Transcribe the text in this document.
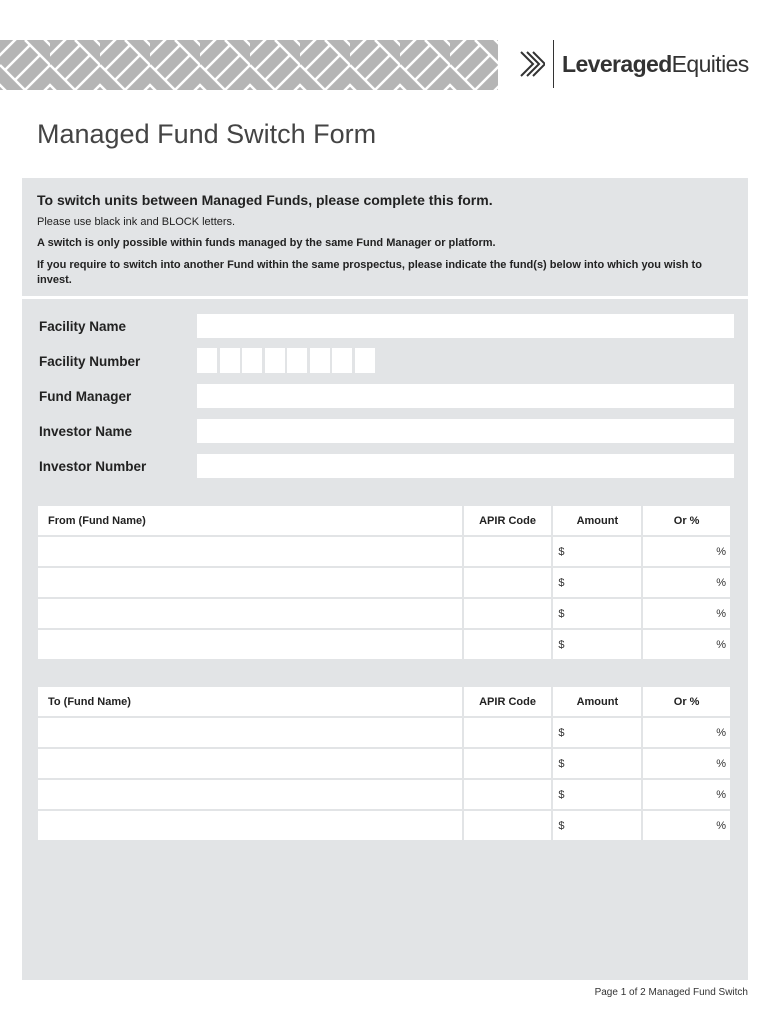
LeveragedEquities
Managed Fund Switch Form
To switch units between Managed Funds, please complete this form.
Please use black ink and BLOCK letters.
A switch is only possible within funds managed by the same Fund Manager or platform.
If you require to switch into another Fund within the same prospectus, please indicate the fund(s) below into which you wish to invest.
Facility Name
Facility Number
Fund Manager
Investor Name
Investor Number
From (Fund Name)	APIR Code	Amount	Or %
		$	%
		$	%
		$	%
		$	%
To (Fund Name)	APIR Code	Amount	Or %
		$	%
		$	%
		$	%
		$	%
Page 1 of 2 Managed Fund Switch
